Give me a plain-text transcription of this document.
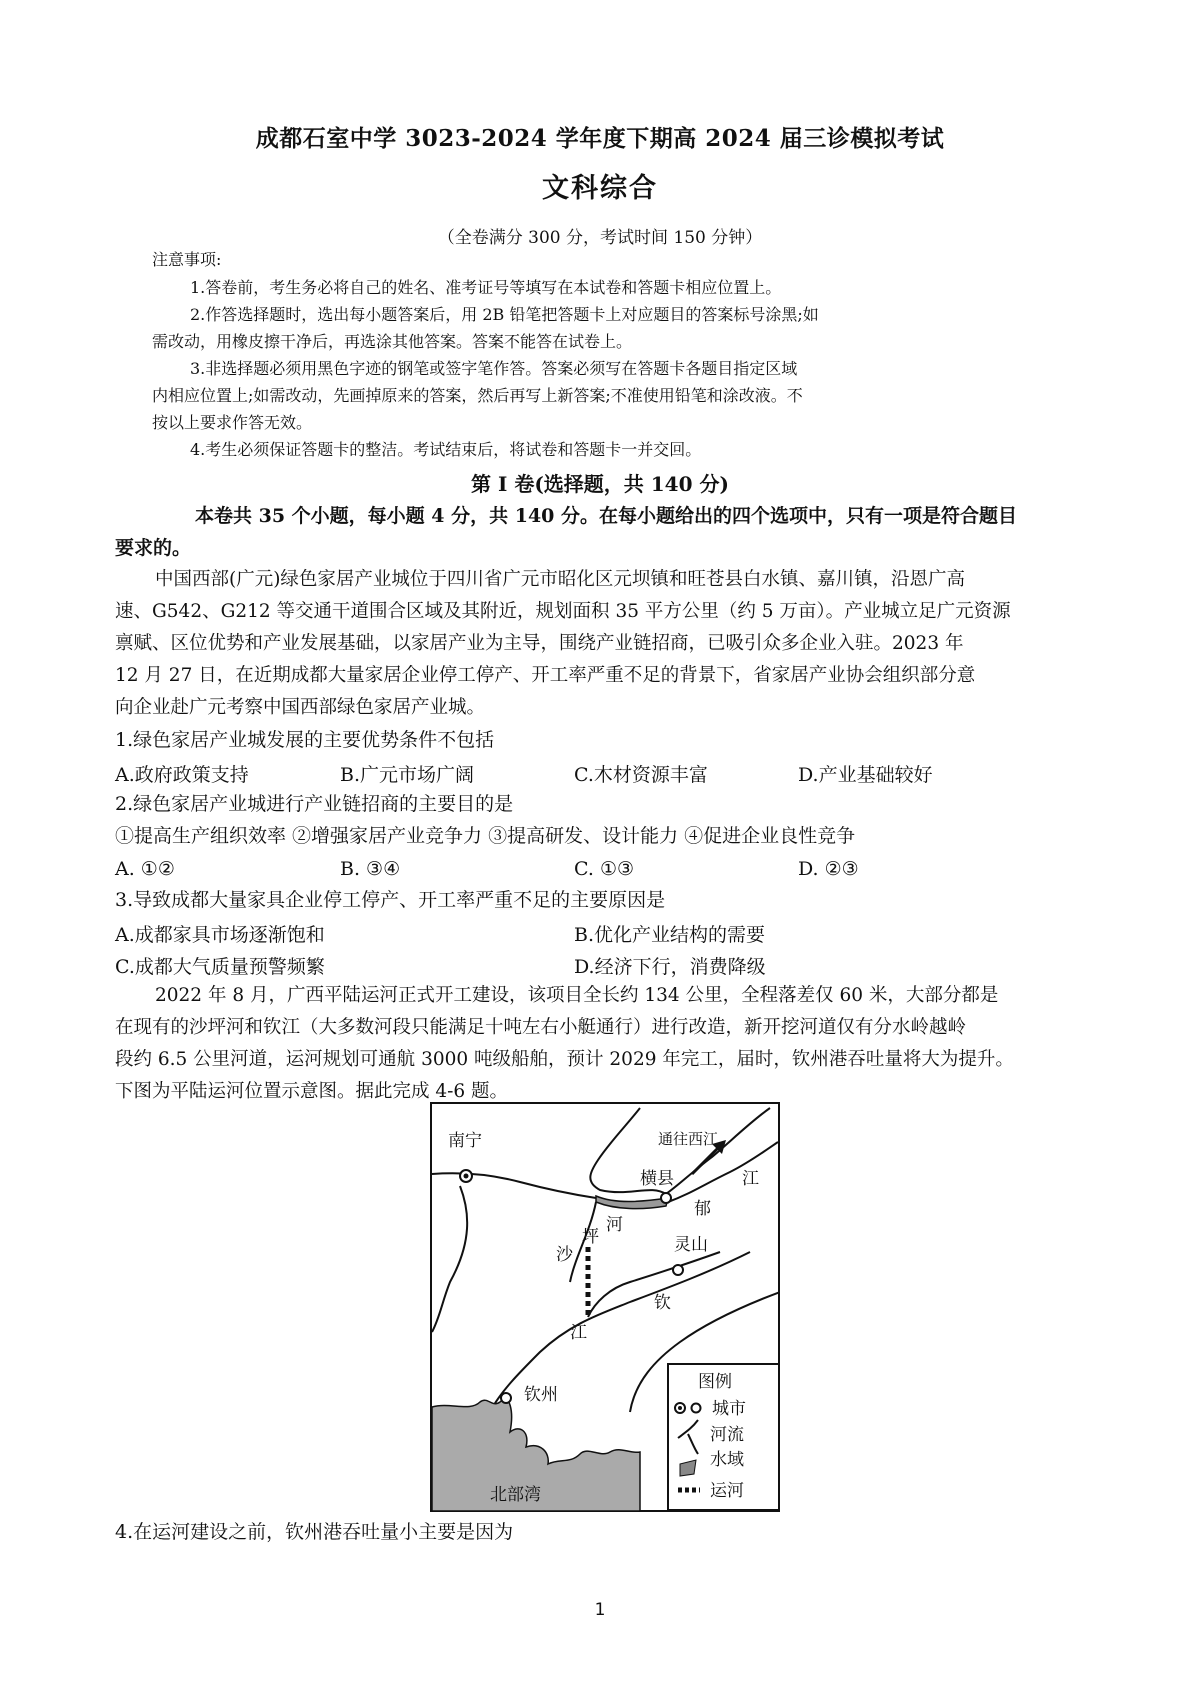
成都石室中学 3023-2024 学年度下期高 2024 届三诊模拟考试
文科综合
（全卷满分 300 分，考试时间 150 分钟）
注意事项:
1.答卷前，考生务必将自己的姓名、准考证号等填写在本试卷和答题卡相应位置上。
2.作答选择题时，选出每小题答案后，用 2B 铅笔把答题卡上对应题目的答案标号涂黑;如
需改动，用橡皮擦干净后，再选涂其他答案。答案不能答在试卷上。
3.非选择题必须用黑色字迹的钢笔或签字笔作答。答案必须写在答题卡各题目指定区域
内相应位置上;如需改动，先画掉原来的答案，然后再写上新答案;不准使用铅笔和涂改液。不
按以上要求作答无效。
4.考生必须保证答题卡的整洁。考试结束后，将试卷和答题卡一并交回。
第 I 卷(选择题，共 140 分)
本卷共 35 个小题，每小题 4 分，共 140 分。在每小题给出的四个选项中，只有一项是符合题目
要求的。
中国西部(广元)绿色家居产业城位于四川省广元市昭化区元坝镇和旺苍县白水镇、嘉川镇，沿恩广高
速、G542、G212 等交通干道围合区域及其附近，规划面积 35 平方公里（约 5 万亩）。产业城立足广元资源
禀赋、区位优势和产业发展基础，以家居产业为主导，围绕产业链招商，已吸引众多企业入驻。2023 年
12 月 27 日，在近期成都大量家居企业停工停产、开工率严重不足的背景下，省家居产业协会组织部分意
向企业赴广元考察中国西部绿色家居产业城。
1.绿色家居产业城发展的主要优势条件不包括
A.政府政策支持	B.广元市场广阔	C.木材资源丰富	D.产业基础较好
2.绿色家居产业城进行产业链招商的主要目的是
①提高生产组织效率 ②增强家居产业竞争力 ③提高研发、设计能力 ④促进企业良性竞争
A. ①②	B. ③④	C. ①③	D. ②③
3.导致成都大量家具企业停工停产、开工率严重不足的主要原因是
A.成都家具市场逐渐饱和	B.优化产业结构的需要
C.成都大气质量预警频繁	D.经济下行，消费降级
2022 年 8 月，广西平陆运河正式开工建设，该项目全长约 134 公里，全程落差仅 60 米，大部分都是
在现有的沙坪河和钦江（大多数河段只能满足十吨左右小艇通行）进行改造，新开挖河道仅有分水岭越岭
段约 6.5 公里河道，运河规划可通航 3000 吨级船舶，预计 2029 年完工，届时，钦州港吞吐量将大为提升。
下图为平陆运河位置示意图。据此完成 4-6 题。
图例
城市
河流
水域
运河
南宁	通往西江
横县	江
郁
河
坪
沙	灵山
钦
江
钦州
北部湾
4.在运河建设之前，钦州港吞吐量小主要是因为
1
